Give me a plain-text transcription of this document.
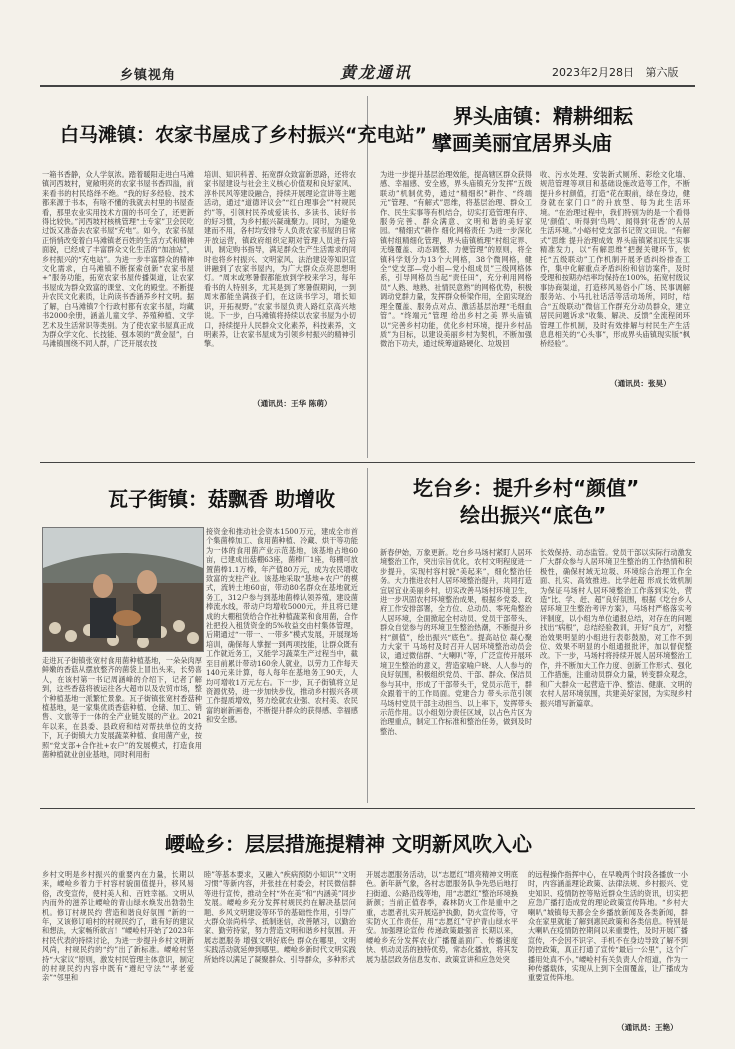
乡镇视角	黄龙通讯	2023年2月28日 第六版
白马滩镇：农家书屋成了乡村振兴“充电站”
一箱书香静，众人学氛浓。踏着暖阳走进白马滩镇河西坡村，宽敞明亮的农家书屋书香四溢，前来看书的村民络绎不绝。“我的好多经验、技术都来源于书本，有啥不懂的我就去村里的书屋查看，那里农业实用技术方面的书可全了，还更新得比较快。”河西坡村核桃管理“土专家”卫会民吃过饭又准备去农家书屋“充电”。如今，农家书屋正悄悄改变着白马滩镇老百姓的生活方式和精神面貌，已经成了丰富群众文化生活的“加油站”，乡村振兴的“充电站”。为进一步丰富群众的精神文化需求，白马滩镇不断探索创新“农家书屋+”服务功能，拓宽农家书屋传播渠道，让农家书屋成为群众致富的课堂、文化的殿堂。不断提升农民文化素质，让尚读书香涵养乡村文明。据了解，白马滩镇7个行政村都有农家书屋，均藏书2000余册，涵盖儿童文学、养殖种植、文学艺术及生活常识等类别。为了使农家书屋真正成为群众学文化、长技能、强本领的“黄金屋”，白马滩镇围绕不同人群，广泛开展农技
培训、知识科普、拓宽群众致富新思路，还将农家书屋建设与社会主义核心价值观和良好家风、淳朴民风等建设融合，持续开展理论宣讲等主题活动，通过“道德评议会”“红白理事会”“村规民约”等，引领村民养成爱读书、多读书、读好书的好习惯，为乡村振兴凝魂聚力。同时，为避免建而不用，各村均安排专人负责农家书屋的日常开放运营，镇政府组织定期对管理人员进行培训，制定购书指导，满足群众生产生活需求的同时也将乡村振兴、文明家风、法治建设等知识宣讲融到了农家书屋内，为广大群众点亮思想明灯。“周末或寒暑假都能放到学校来学习，每年看书的人特别多，尤其是到了寒暑假期间，一到周末都能坐满孩子们，在这读书学习，增长知识，开拓视野。”农家书屋负责人路红京高兴地说。下一步，白马滩镇将持续以农家书屋为小切口，持续提升人民群众文化素养，科技素养，文明素养，让农家书屋成为引领乡村振兴的精神引擎。
（通讯员：王华 陈萌）
界头庙镇：精耕细耘
擘画美丽宜居界头庙
为进一步提升基层治理效能，提高辖区群众获得感、幸福感、安全感，界头庙镇充分发挥“五级联动”机制优势，通过“精细织”耕作、“终端元”管理、“有解式”思维，将基层治理、群众工作、民生实事等有机结合，切实打造管理有序、服务完善、群众满意、文明和谐的美好家园。“精细式”耕作 细化网格责任 为进一步深化镇村组精细化管理，界头庙镇梳理“村组定界、无缝覆盖、动态调整、力便管理”的原则，将全镇科学划分为13个大网格，38个微网格，健全“党支部—党小组—党小组成员”三级网格体系，引导网格员当起“责任田”，充分利用网格员“人熟、地熟、社情民意熟”的网格优势，积极调动党群力量，发挥群众桥梁作用，全面实现治理全覆盖、服务点对点、激活基层治理“毛细血管”。“终端元”管理 给出乡村之美 界头庙镇以“完善乡村功能，优化乡村环境，提升乡村品质”为目标，以建设美丽乡村为契机，不断加强微治下功夫，通过统筹道路硬化、垃圾回
收、污水处理、安装新式厕所、彩绘文化墙、规范管理等项目和基础设施改造等工作，不断提升乡村颜值，打造“花在眼前，绿在身边，健身就在家门口”的升放型、每为此生活环境。“在治理过程中，我们特别为的是一个看得见‘颜值’、听得到‘鸟鸣’、闻得到‘花香’的人居生活环境。”小峪村党支部书记贺文田说。“有解式”思维 提升治理成效 界头庙镇紧扣民生实事精准发力，以“有解思维”把握关键环节，依托“五级联动”工作机制开展矛盾纠纷排查工作，集中化解重点矛盾纠纷和信访案件，及时受理和按期办结率均保持在100%，拓宽村级议事协商渠道，打造移风易俗小广场、民事调解服务站、小马扎社话活等活动场所，同时，结合“五级联动”微信工作群充分动员群众，建立居民问题诉求“收集、解决、反馈”全流程闭环管理工作机制，及时有效排解与村民生产生活息息相关的“心头事”，形成界头庙镇现实版“枫桥经验”。
（通讯员：张昊）
瓦子街镇：菇飘香 助增收
走进瓦子街镇张宽村食用菌种植基地，一朵朵肉厚鲜嫩的香菇从摆放整齐的菌袋上冒出头来，长势喜人，在该村第一书记周涵峰的介绍下，记者了解到，这些香菇将被运往各大超市以及农贸市场，整个种植基地一派繁忙景象。瓦子街镇张宽村香菇种植基地，是一家集优质香菇种植、仓储、加工、销售、文旅等于一体的全产业链发展的产业。2021年以来，在县委、县政府和结对帮扶单位的支持下，瓦子街镇大力发展蔬菜种植、食用菌产业，按照“党支部+合作社+农户”的发展模式，打造食用菌种植就业创业基地，同时利用衔
接资金和推动社会资本1500万元，建成全市首个集菌棒加工、食用菌种植、冷藏、烘干等功能为一体的食用菌产业示范基地，该基地占地60亩，已建成出菇棚63座，菌棒厂1座，每棚可放置菌棒1.1万棒，年产值80万元，成为农民增收致富的支柱产业。该基地采取“基地+农户”的模式，流转土地60亩，带动80名群众在基地就近务工，312户参与到基地菌棒认领养殖，建设菌棒流水线，带动户均增收5000元，并且将已建成的大棚租赁给合作社种植蔬菜和食用菌，合作社把投入租赁资金的5%收益交由村集体管理，后期通过“一带一、一带多”模式发展，开展现场培训，确保每人掌握一到两项技能，让群众既有工作就近务工，又能学习蔬菜生产过程当中，截至目前累计带动160余人就业，以劳力工作每天140元来计算，每人每年在基地务工90天，人均可增收1万元左右。下一步，瓦子街镇将立足资源优势，进一步加快步伐，推动乡村振兴各项工作提质增效，努力绘就农业强、农村美、农民富的崭新画卷，不断提升群众的获得感、幸福感和安全感。
圪台乡：提升乡村“颜值”
绘出振兴“底色”
新春伊始，万象更新。圪台乡马场村紧盯人居环境整治工作，突出宗旨优化，农村文明程度进一步提升，实现村容村貌“美起来”，细化整治任务。大力推进农村人居环境整治提升，共同打造宜居宜业美丽乡村，切实改善马场村环境卫生，进一步巩固农村环境整治成果，根据乡党委、政府工作安排部署，全方位、总动员、零死角整治人居环境，全面掀起全村动员、党员干部带头、群众自觉参与的环境卫生整治热潮，不断提升乡村“颜值”，绘出振兴“底色”。提高站位 凝心聚力大家干 马场村及时召开人居环境整治动员会议，通过微信群、“大喇叭”等，广泛宣传开展环境卫生整治的意义，营造家喻户晓、人人参与的良好氛围，积极组织党员、干部、群众、保洁员参与其中，形成了干部带头干，党员示范干，群众跟着干的工作局面。党建合力 带头示范引领 马场村党员干部主动担当、以上率下，发挥带头示范作用。以小组划分责任区域，以占色片区为治理重点，制定工作标准和整治任务，做到及时整治、
长效保持、动态监管。党员干部以实际行动激发广大群众参与人居环境卫生整治的工作热情和积极性，确保村域无垃圾、环境综合治理工作全面、扎实、高效推进。比学赶超 形成长效机制 为保证马场村人居环境整治工作落到实处，营造“比、学、赶、超”良好氛围，根据《圪台乡人居环境卫生整治考评方案》，马场村严格落实考评制度，以小组为单位通报总结，对存在的问题找出“病根”，总结经验教训，开好“良方”，对整治效果明显的小组进行表彰鼓励，对工作不到位、效果不明显的小组通报批评，加以督促整改。下一步，马场村将持续开展人居环境整治工作，并不断加大工作力度、创新工作形式、强化工作措施，注重动员群众力量，转变群众观念，和广大群众一起营造干净、整洁、健康、文明的农村人居环境氛围，共建美好家园，为实现乡村振兴增写新篇章。
崾崄乡：层层措施提精神 文明新风吹入心
乡村文明是乡村振兴的重要内在力量，长期以来，崾崄乡着力于村容村貌面值提升，移风易俗，改变宣传，使村美人和、百姓幸福。文明从内而外的滋养让崾崄的青山绿水焕发出勃勃生机。修订村规民约 营造和谐良好氛围 “新的一年，又该修订咱村的村规民约了，谁有好的建议和想法，大家畅所欲言！”崾崄村开始了2023年村民代表的持续讨论，为进一步提升乡村文明新风尚，村规民约的“约”出了新标准。崾崄村坚持“大家议”原则，激发村民管理主体意识，制定的村规民约内容中既有“遵纪守法”“孝老爱亲”“邻里和
睦”等基本要求，又融入“疾病预防小知识”“文明习惯”等新内容，并张挂在村委会，村民微信群等进行宣传，推动全村“外在美”和“内涵美”同步发展。崾崄乡充分发挥村规民约在解决基层问题、乡风文明建设等环节的基础性作用，引导广大群众崇尚科学、抵制迷信，改善陋习，以勤治家、勤劳持家，努力营造文明和谐乡村氛围。开展志愿服务 增强文明好底色 群众在哪里，文明实践活动就延伸到哪里。崾崄乡新时代文明实践所始终以满足了凝聚群众、引导群众，多种形式
开展志愿服务活动，以“志愿红”增亮精神文明底色。新年新气象，各村志愿服务队争先恐后地打扫街道、公路沿线等地，用“志愿红”整治环境换新颜；当前正值春季，森林防火工作是重中之重，志愿者扎实开展巡护执勤，防火宣传等，守实防火工作责任，用“志愿红”守护青山绿水平安。加强理论宣传 传递政策最强音 长期以来，崾崄乡充分发挥农业广播覆盖面广、传播速度快、机动灵活的独特优势，常态化播放，将其发展为基层政务信息发布、政策宣讲和应急处突
的远程操作指挥中心，在早晚两个时段各播放一小时，内容涵盖理论政策、法律法规、乡村振兴、党史知识、疫情防控等贴近群众生活的资讯，切实把应急广播打造成党的理论政策宣传阵地。“乡村大喇叭”城镇每天都会全乡播放新闻及各类新闻，群众在家里就能了解到惠民政策和各类信息。特别是大喇叭在疫情防控期间以来重要性，及时开展广播宣传，不会因不识字、手机不在身边导致了解不到防控政策，真正打通了宣传“最后一公里”，这个广播用处真不小。”崾崄村有关负责人介绍道，作为一种传播载体，实现从上到下全面覆盖，让广播成为重要宣传阵地。
（通讯员：王艳）
